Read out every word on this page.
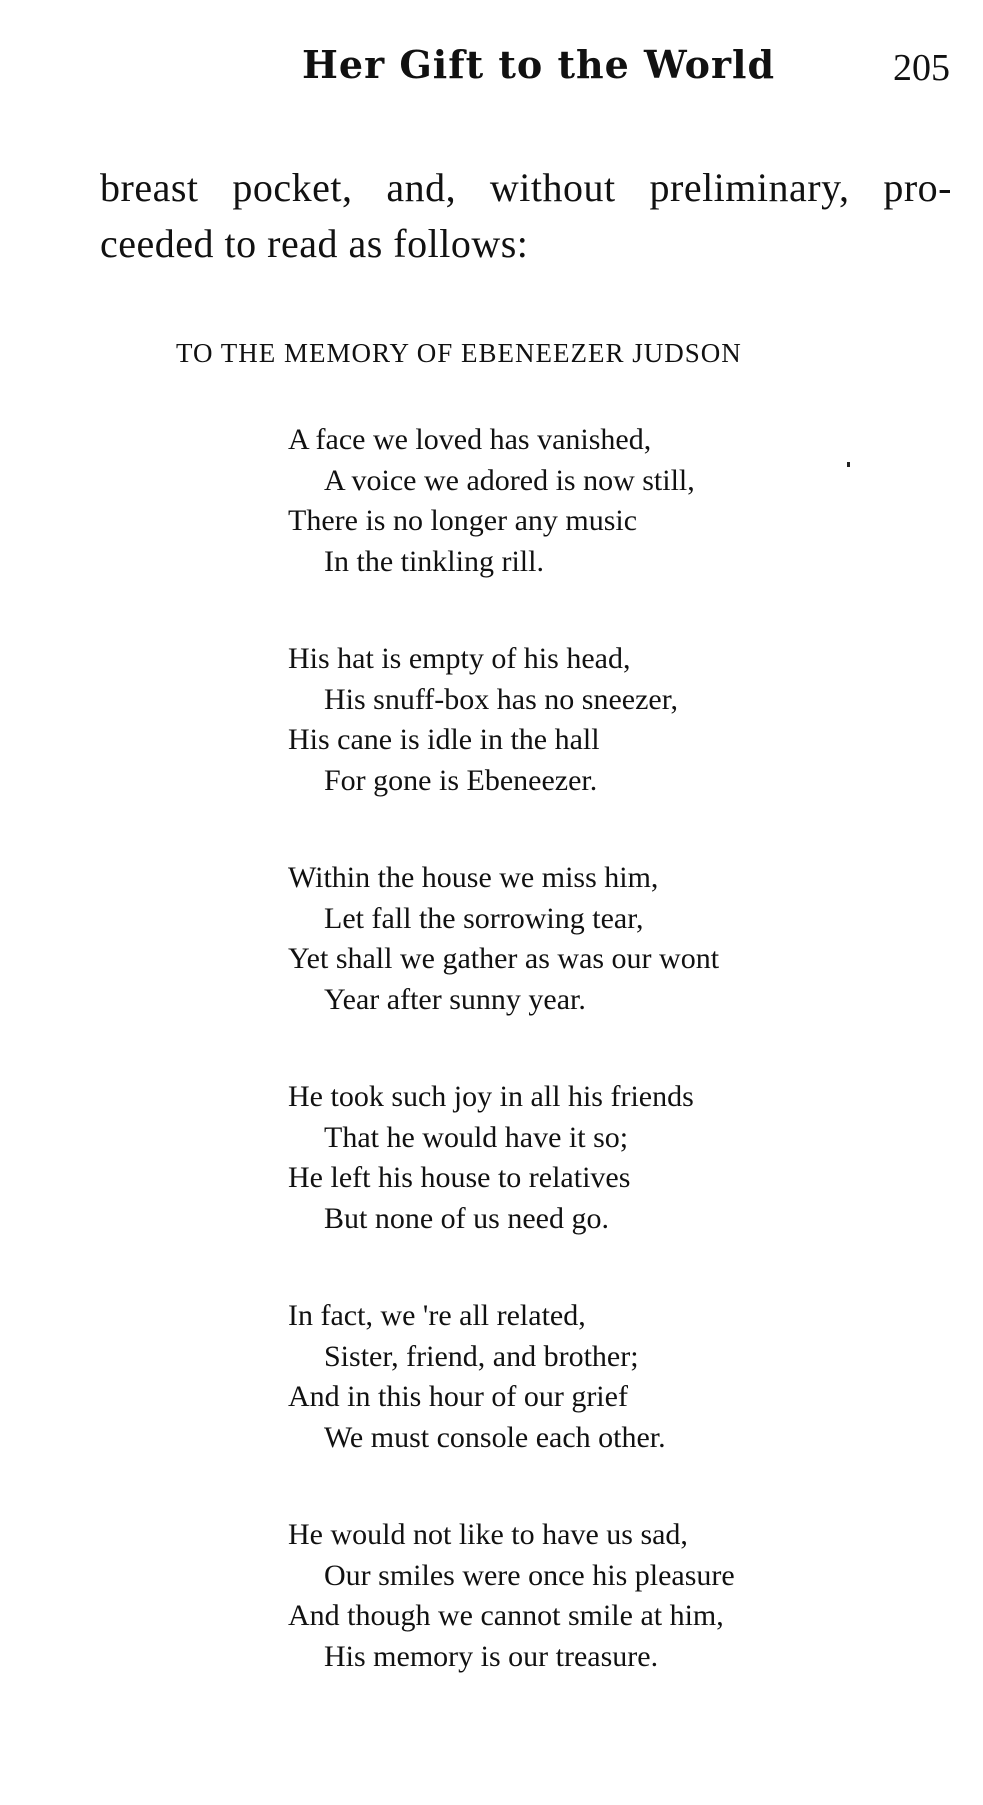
Her Gift to the World	205

breast pocket, and, without preliminary, pro-

ceeded to read as follows:

TO THE MEMORY OF EBENEEZER JUDSON
A face we loved has vanished,
A voice we adored is now still,
There is no longer any music
In the tinkling rill.
His hat is empty of his head,
His snuff-box has no sneezer,
His cane is idle in the hall
For gone is Ebeneezer.
Within the house we miss him,
Let fall the sorrowing tear,
Yet shall we gather as was our wont
Year after sunny year.
He took such joy in all his friends
That he would have it so;
He left his house to relatives
But none of us need go.
In fact, we 're all related,
Sister, friend, and brother;
And in this hour of our grief
We must console each other.
He would not like to have us sad,
Our smiles were once his pleasure
And though we cannot smile at him,
His memory is our treasure.
